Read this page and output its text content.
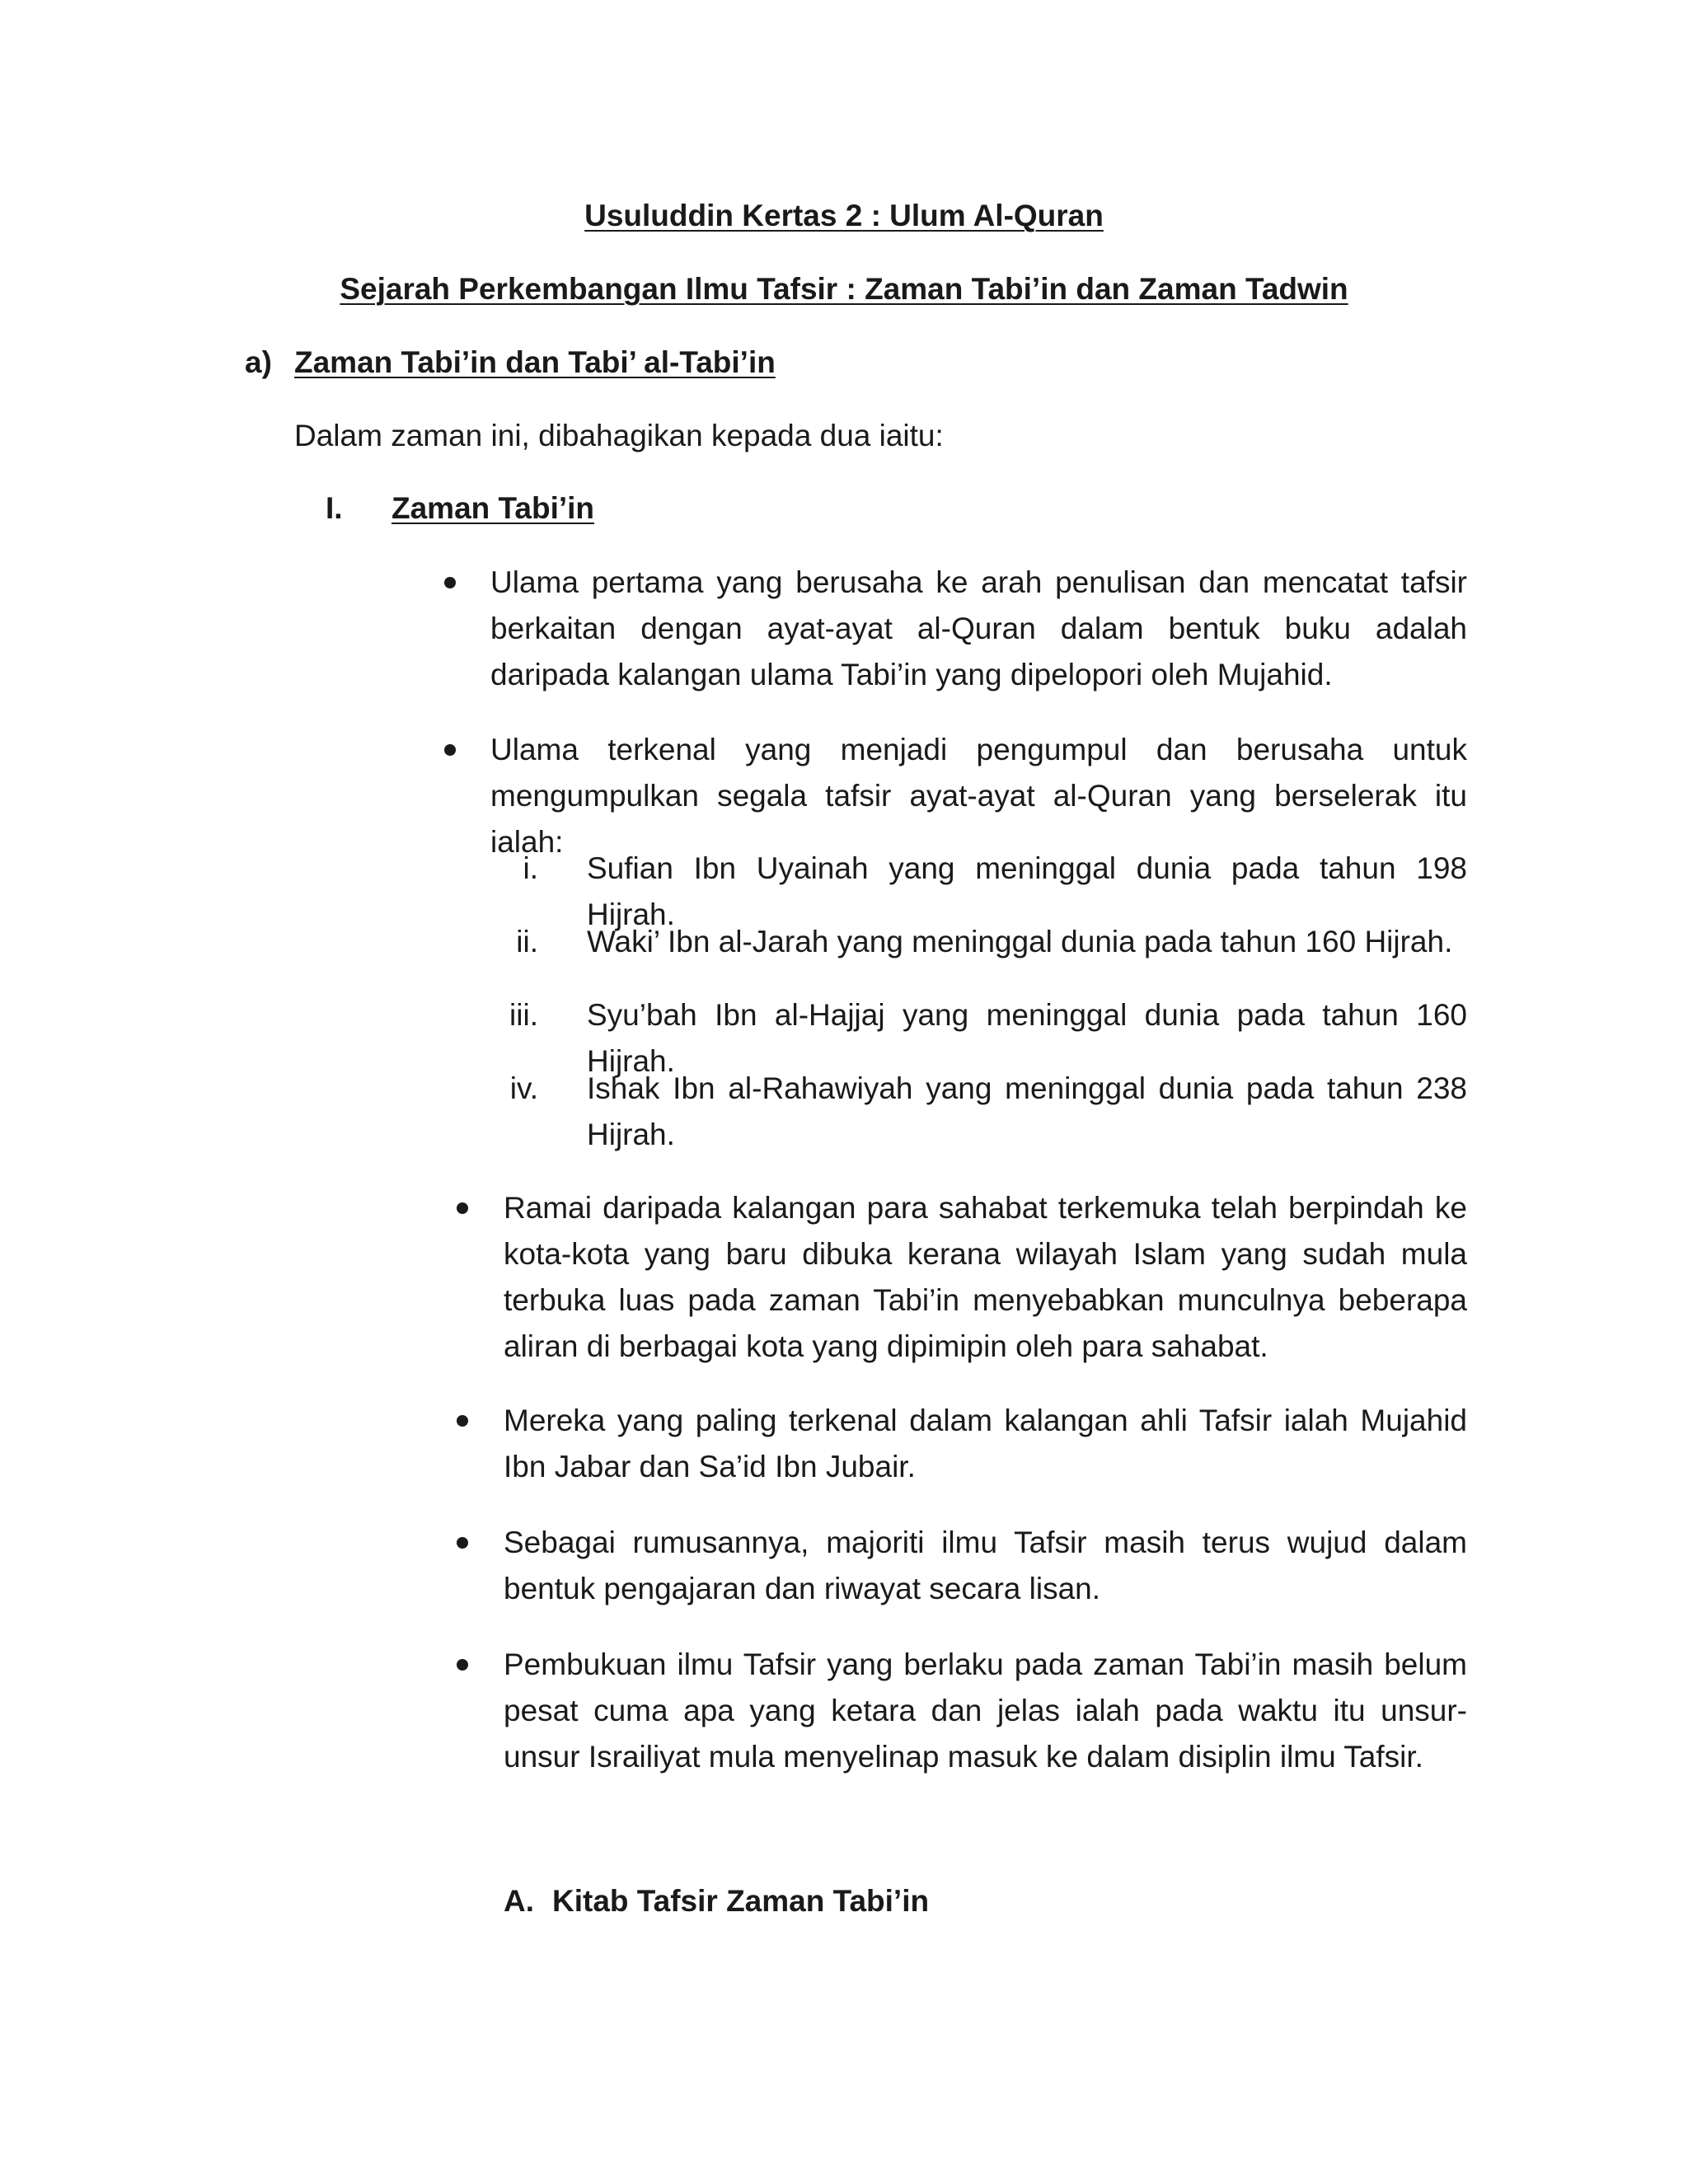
Usuluddin Kertas 2 : Ulum Al-Quran
Sejarah Perkembangan Ilmu Tafsir : Zaman Tabi’in dan Zaman Tadwin
a) Zaman Tabi’in dan Tabi’ al-Tabi’in
Dalam zaman ini, dibahagikan kepada dua iaitu:
I. Zaman Tabi’in
Ulama pertama yang berusaha ke arah penulisan dan mencatat tafsir berkaitan dengan ayat-ayat al-Quran dalam bentuk buku adalah daripada kalangan ulama Tabi’in yang dipelopori oleh Mujahid.
Ulama terkenal yang menjadi pengumpul dan berusaha untuk mengumpulkan segala tafsir ayat-ayat al-Quran yang berselerak itu ialah:
i. Sufian Ibn Uyainah yang meninggal dunia pada tahun 198 Hijrah.
ii. Waki’ Ibn al-Jarah yang meninggal dunia pada tahun 160 Hijrah.
iii. Syu’bah Ibn al-Hajjaj yang meninggal dunia pada tahun 160 Hijrah.
iv. Ishak Ibn al-Rahawiyah yang meninggal dunia pada tahun 238 Hijrah.
Ramai daripada kalangan para sahabat terkemuka telah berpindah ke kota-kota yang baru dibuka kerana wilayah Islam yang sudah mula terbuka luas pada zaman Tabi’in menyebabkan munculnya beberapa aliran di berbagai kota yang dipimipin oleh para sahabat.
Mereka yang paling terkenal dalam kalangan ahli Tafsir ialah Mujahid Ibn Jabar dan Sa’id Ibn Jubair.
Sebagai rumusannya, majoriti ilmu Tafsir masih terus wujud dalam bentuk pengajaran dan riwayat secara lisan.
Pembukuan ilmu Tafsir yang berlaku pada zaman Tabi’in masih belum pesat cuma apa yang ketara dan jelas ialah pada waktu itu unsur-unsur Israiliyat mula menyelinap masuk ke dalam disiplin ilmu Tafsir.
A. Kitab Tafsir Zaman Tabi’in
